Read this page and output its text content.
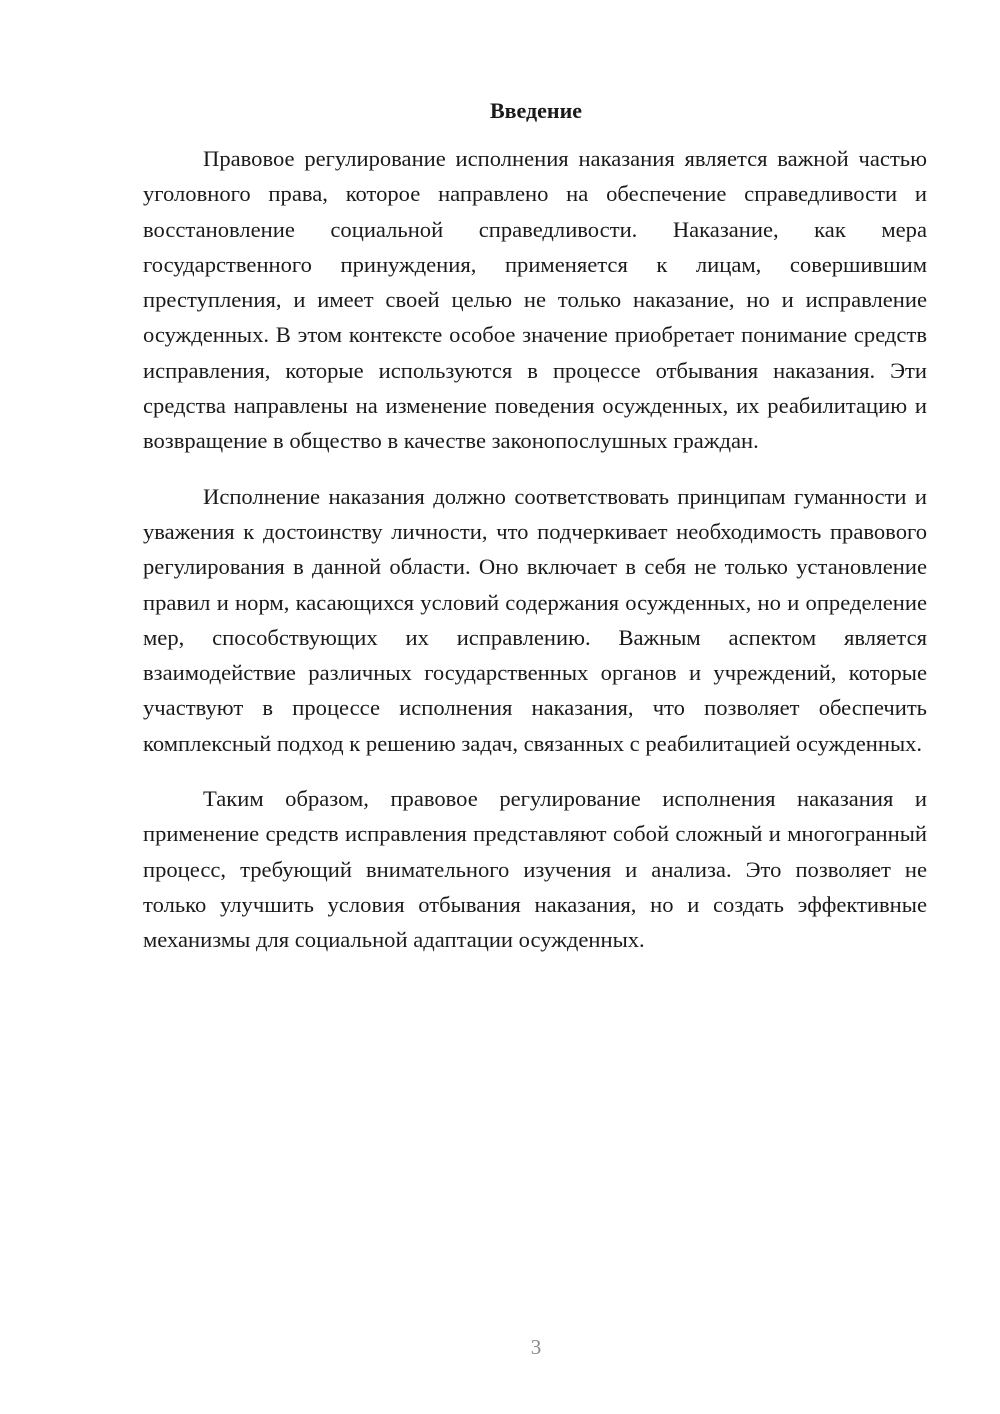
Введение

Правовое регулирование исполнения наказания является важной частью уголовного права, которое направлено на обеспечение справедливости и восстановление социальной справедливости. Наказание, как мера государственного принуждения, применяется к лицам, совершившим преступления, и имеет своей целью не только наказание, но и исправление осужденных. В этом контексте особое значение приобретает понимание средств исправления, которые используются в процессе отбывания наказания. Эти средства направлены на изменение поведения осужденных, их реабилитацию и возвращение в общество в качестве законопослушных граждан.

Исполнение наказания должно соответствовать принципам гуманности и уважения к достоинству личности, что подчеркивает необходимость правового регулирования в данной области. Оно включает в себя не только установление правил и норм, касающихся условий содержания осужденных, но и определение мер, способствующих их исправлению. Важным аспектом является взаимодействие различных государственных органов и учреждений, которые участвуют в процессе исполнения наказания, что позволяет обеспечить комплексный подход к решению задач, связанных с реабилитацией осужденных.

Таким образом, правовое регулирование исполнения наказания и применение средств исправления представляют собой сложный и многогранный процесс, требующий внимательного изучения и анализа. Это позволяет не только улучшить условия отбывания наказания, но и создать эффективные механизмы для социальной адаптации осужденных.

3
